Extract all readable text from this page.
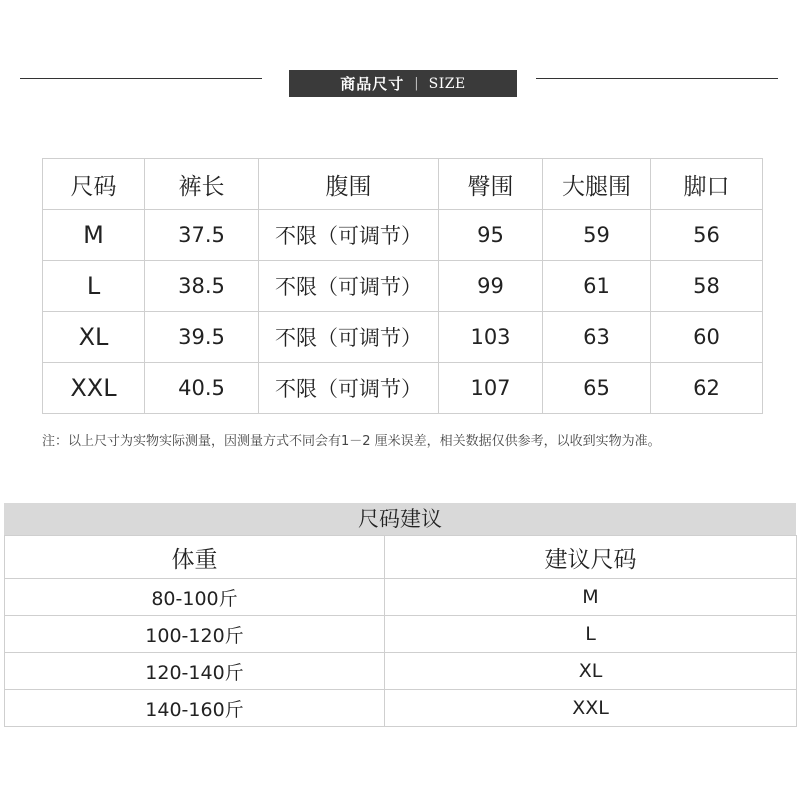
商品尺寸 | SIZE
尺码	裤长	腹围	臀围	大腿围	脚口
M	37.5	不限（可调节）	95	59	56
L	38.5	不限（可调节）	99	61	58
XL	39.5	不限（可调节）	103	63	60
XXL	40.5	不限（可调节）	107	65	62
注：以上尺寸为实物实际测量，因测量方式不同会有1－2 厘米误差，相关数据仅供参考，以收到实物为准。
尺码建议
体重	建议尺码
80-100斤	M
100-120斤	L
120-140斤	XL
140-160斤	XXL
